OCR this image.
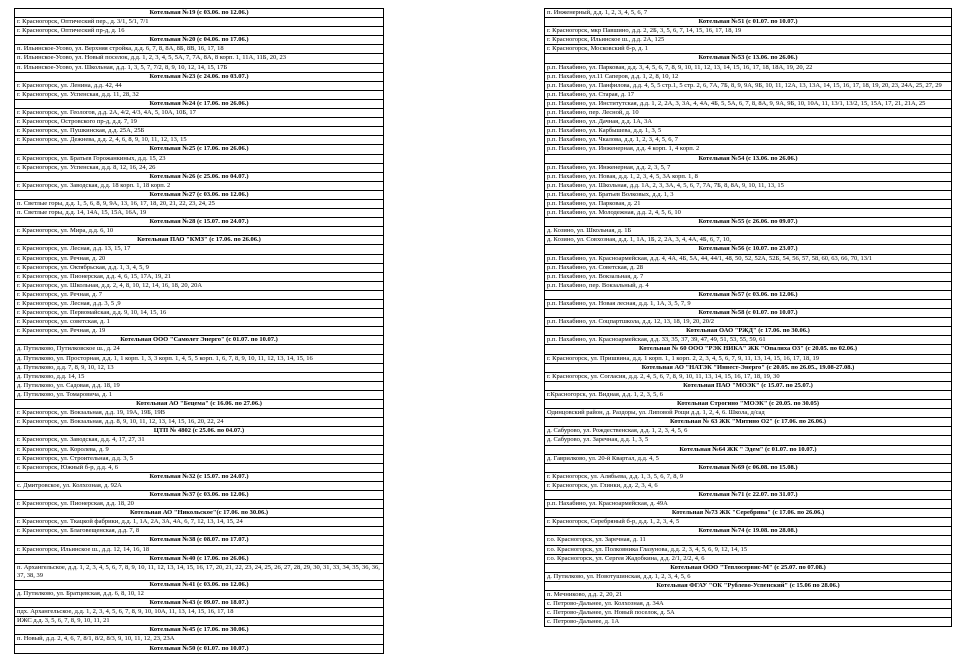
Котельная №19 (с 03.06. по 12.06.)
г. Красногорск, Оптический пер., д. 3/1, 5/1, 7/1
г. Красногорск, Оптический пр-д, д. 16
Котельная №20 (с 04.06. по 17.06.)
п. Ильинское-Усово, ул. Верхняя стройка, д.д. 6, 7, 8, 8А, 8Б, 8В, 16, 17, 18
п. Ильинское-Усово, ул. Новый поселок, д.д. 1, 2, 3, 4, 5, 5А, 7, 7А, 8А, 8 корп. 1, 11А, 11Б, 20, 23
п. Ильинское-Усово, ул. Школьная, д.д. 1, 3, 5, 7, 7/2, 8, 9, 10, 12, 14, 15, 17Б
Котельная №23 (с 24.06. по 03.07.)
г. Красногорск, ул. Ленина, д.д. 42, 44
г. Красногорск, ул. Успенская, д.д. 11, 28, 32
Котельная №24 (с 17.06. по 26.06.)
г. Красногорск, ул. Геологов, д.д. 2А, 4/2, 4/3, 4А, 5, 10А, 10Б, 17
г. Красногорск, Островского пр-д, д.д. 7, 19
г. Красногорск, ул. Пушкинская, д.д. 25А, 25Б
г. Красногорск, ул. Дежнева, д.д. 2, 4, 6, 8, 9, 10, 11, 12, 13, 15
Котельная №25 (с 17.06. по 26.06.)
г. Красногорск, ул. Братьев Горожанкиных, д.д. 15, 23
г. Красногорск, ул. Успенская, д.д. 8, 12, 16, 24, 26
Котельная №26 (с 25.06. по 04.07.)
г. Красногорск, ул. Заводская, д.д. 18 корп. 1, 18 корп. 2
Котельная №27 (с 03.06. по 12.06.)
п. Светлые горы, д.д. 1, 5, 6, 8, 9, 9А, 13, 16, 17, 18, 20, 21, 22, 23, 24, 25
п. Светлые горы, д.д. 14, 14А, 15, 15А, 16А, 19
Котельная №28 (с 15.07. по 24.07.)
г. Красногорск, ул. Мира, д.д. 6, 10
Котельная ПАО "КМЗ" (с 17.06. по 26.06.)
г. Красногорск, ул. Лесная, д.д. 13, 15, 17
г. Красногорск, ул. Речная, д. 20
г. Красногорск, ул. Октябрьская, д.д. 1, 3, 4, 5, 9
г. Красногорск, ул. Пионерская, д.д. 4, 6, 15, 17А, 19, 21
г. Красногорск, ул. Школьная, д.д. 2, 4, 8, 10, 12, 14, 16, 18, 20, 20А
г. Красногорск, ул. Речная, д. 7
г. Красногорск, ул. Лесная, д.д. 3, 5 ,9
г. Красногорск, ул. Первомайская, д.д. 9, 10, 14, 15, 16
г. Красногорск, ул. советская, д. 1
г. Красногорск, ул. Речная, д. 19
Котельная ООО "Самолет Энерго" (с 01.07. по 10.07.)
д. Путилково, Путилковское ш., д. 24
д. Путилково, ул. Просторная, д.д. 1, 1 корп. 1, 3, 3 корп. 1, 4, 5, 5 корп. 1, 6, 7, 8, 9, 10, 11, 12, 13, 14, 15, 16
д. Путилково, д.д. 7, 8, 9, 10, 12, 13
д. Путилково, д.д. 14, 15
д. Путилково, ул. Садовая, д.д. 18, 19
д. Путилково, ул. Томаровича, д. 1
Котельная АО "Бецема" (с 16.06. по 27.06.)
г. Красногорск, ул. Вокзальная, д.д. 19, 19А, 19Б, 19В
г. Красногорск, ул. Вокзальная, д.д. 8, 9, 10, 11, 12, 13, 14, 15, 16, 20, 22, 24
ЦТП № 4802 (с 25.06. по 04.07.)
г. Красногорск, ул. Заводская, д.д. 4, 17, 27, 31
г. Красногорск, ул. Королева, д. 9
г. Красногорск, ул. Строительная, д.д. 3, 5
г. Красногорск, Южный б-р, д.д. 4, 6
Котельная №32 (с 15.07. по 24.07.)
с. Дмитровское, ул. Колхозная, д. 92А
Котельная №37 (с 03.06. по 12.06.)
г. Красногорск, ул. Пионерская, д.д. 18, 20
Котельная АО "Никольское"(с 17.06. по 30.06.)
г. Красногорск, ул. Ткацкой фабрики, д.д. 1, 1А, 2А, 3А, 4А, 6, 7, 12, 13, 14, 15, 24
г. Красногорск, ул. Благовещенская, д.д. 7, 8
Котельная №38 (с 08.07. по 17.07.)
г. Красногорск, Ильинское ш., д.д. 12, 14, 16, 18
Котельная №40 (с 17.06. по 26.06.)
п. Архангельское, д.д. 1, 2, 3, 4, 5, 6, 7, 8, 9, 10, 11, 12, 13, 14, 15, 16, 17, 20, 21, 22, 23, 24, 25, 26, 27, 28, 29, 30, 31, 33, 34, 35, 36, 36, 37, 38, 39
Котельная №41 (с 03.06. по 12.06.)
д. Путилково, ул. Братцевская, д.д. 6, 8, 10, 12
Котельная №43 (с 09.07. по 18.07.)
пдх. Архангельское, д.д. 1, 2, 3, 4, 5, 6, 7, 8, 9, 10, 10А, 11, 13, 14, 15, 16, 17, 18
ИЖС д.д. 3, 5, 6, 7, 8, 9, 10, 11, 21
Котельная №45 (с 17.06. по 30.06.)
п. Новый, д.д. 2, 4, 6, 7, 8/1, 8/2, 8/3, 9, 10, 11, 12, 23, 23А
Котельная №50 (с 01.07. по 10.07.)
п. Инженерный, д.д. 1, 2, 3, 4, 5, 6, 7
Котельная №51 (с 01.07. по 10.07.)
г. Красногорск, мкр Павшино, д.д. 2, 2Б, 3, 5, 6, 7, 14, 15, 16, 17, 18, 19
г. Красногорск, Ильинское ш., д.д. 2А, 125
г. Красногорск, Московский б-р, д. 1
Котельная №53 (с 13.06. по 26.06.)
р.п. Нахабино, ул. Парковая, д.д. 3, 4, 5, 6, 7, 8, 9, 10, 11, 12, 13, 14, 15, 16, 17, 18, 18А, 19, 20, 22
р.п. Нахабино, ул.11 Саперов, д.д. 1, 2, 8, 10, 12
р.п. Нахабино, ул. Панфилова, д.д. 4, 5, 5 стр.1, 5 стр. 2, 6, 7А, 7Б, 8, 9, 9А, 9Б, 10, 11, 12А, 13, 13А, 14, 15, 16, 17, 18, 19, 20, 23, 24А, 25, 27, 29
р.п. Нахабино, ул. Старая, д. 17
р.п. Нахабино, ул. Институтская, д.д. 1, 2, 2А, 3, 3А, 4, 4А, 4Б, 5, 5А, 6, 7, 8, 8А, 9, 9А, 9Б, 10, 10А, 11, 13/1, 13/2, 15, 15А, 17, 21, 21А, 25
р.п. Нахабино, пер. Лесной, д. 10
р.п. Нахабино, ул. Дачная, д.д. 1А, 3А
р.п. Нахабино, ул. Карбышева, д.д. 1, 3, 5
р.п. Нахабино, ул. Чкалова, д.д. 1, 2, 3, 4, 5, 6, 7
р.п. Нахабино, ул. Инженерная, д.д. 4 корп. 1, 4 корп. 2
Котельная №54 (с 13.06. по 26.06.)
р.п. Нахабино, ул. Инженерная, д.д. 2, 3, 5, 7
р.п. Нахабино, ул. Новая, д.д. 1, 2, 3, 4, 5, 3А корп. 1, 8
р.п. Нахабино, ул. Школьная, д.д. 1А, 2, 3, 3А, 4, 5, 6, 7, 7А, 7Б, 8, 8А, 9, 10, 11, 13, 15
р.п. Нахабино, ул. Братьев Волковых, д.д. 1, 3
р.п. Нахабино, ул. Парковая, д. 21
р.п. Нахабино, ул. Молодежная, д.д. 2, 4, 5, 6, 10
Котельная №55 (с 26.06. по 09.07.)
д. Козино, ул. Школьная, д. 1Б
д. Козино, ул. Совхозная, д.д. 1, 1А, 1Б, 2, 2А, 3, 4, 4А, 4Б, 6, 7, 10,
Котельная №56 (с 10.07. по 23.07.)
р.п. Нахабино, ул. Красноармейская, д.д. 4, 4А, 4Б, 5А, 44, 44/1, 48, 50, 52, 52А, 52Б, 54, 56, 57, 58, 60, 63, 66, 70, 13/1
р.п. Нахабино, ул. Советская, д. 28
р.п. Нахабино, ул. Вокзальная, д. 7
р.п. Нахабино, пер. Вокзальный, д. 4
Котельная №57 (с 03.06. по 12.06.)
р.п. Нахабино, ул. Новая лесная, д.д. 1, 1А, 3, 5, 7, 9
Котельная №58 (с 01.07. по 10.07.)
р.п. Нахабино, ул. Соцпартшкола, д.д. 12, 13, 18, 19, 20, 20/2
Котельная ОАО "РЖД" (с 17.06. по 30.06.)
р.п. Нахабино, ул. Красноармейская, д.д. 33, 35, 37, 39, 47, 49, 51, 53, 55, 59, 61
Котельная № 60 ООО "РЭК НИКА" ЖК "Опалиха О3" (с 20.05. по 02.06.)
г. Красногорск, ул. Пришвина, д.д. 1 корп. 1, 1 корп. 2, 2, 3, 4, 5, 6, 7, 9, 11, 13, 14, 15, 16, 17, 18, 19
Котельная АО "НАТЭК "Инвест-Энерго" (с 20.05. по 26.05., 19.08-27.08.)
г. Красногорск, ул. Согласия, д.д. 2, 4, 5, 6, 7, 8, 9, 10, 11, 13, 14, 15, 16, 17, 18, 19, 30
Котельная ПАО "МОЭК" (с 15.07. по 25.07.)
г.Красногорск, ул. Видная, д.д. 1, 2, 3, 5, 6
Котельная Строгино "МОЭК" (с 20.05. по 30.05)
Одинцовский район, д. Раздоры, ул. Липовой Рощи д.д. 1, 2, 4, 6. Школа, д/сад
Котельная № 63 ЖК "Митино О2" (с 17.06. по 26.06.)
д. Сабурово, ул. Рождественская, д.д. 1, 2, 3, 4, 5, 6
д. Сабурово, ул. Заречная, д.д. 1, 3, 5
Котельная №64 ЖК " Эдем" (с 01.07. по 10.07.)
д. Гаврилково, ул. 20-й Квартал, д.д. 4, 5
Котельная №69 (с 06.08. по 15.08.)
г. Красногорск, ул. Алябьева, д.д. 1, 3, 5, 6, 7, 8, 9
г. Красногорск, ул. Глинки, д.д. 2, 3, 4, 6
Котельная №71 (с 22.07. по 31.07.)
р.п. Нахабино, ул. Красноармейская, д. 49А
Котельная №73 ЖК "Серебряна" (с 17.06. по 26.06.)
г. Красногорск, Серебряный б-р, д.д. 1, 2, 3, 4, 5
Котельная №74 (с 19.08. по 28.08.)
г.о. Красногорск, ул. Заречная, д. 11
г.о. Красногорск, ул. Полковника Глазунова, д.д. 2, 3, 4, 5, 6, 9, 12, 14, 15
г.о. Красногорск, ул. Сергея Жадобкина, д.д. 2/1, 2/2, 4, 6
Котельная ООО "Теплосервис-М" (с 25.07. по 07.08.)
д. Путилково, ул. Новотушинская, д.д. 1, 2, 3, 4, 5, 6
Котельная ФГАУ "ОК "Рублево-Успенский" (с 15.06 по 28.06.)
п. Мечниково, д.д. 2, 20, 21
с. Петрово-Дальнее, ул. Колхозная, д. 34А
с. Петрово-Дальнее, ул. Новый поселок, д. 5А
с. Петрово-Дальнее, д. 1А
